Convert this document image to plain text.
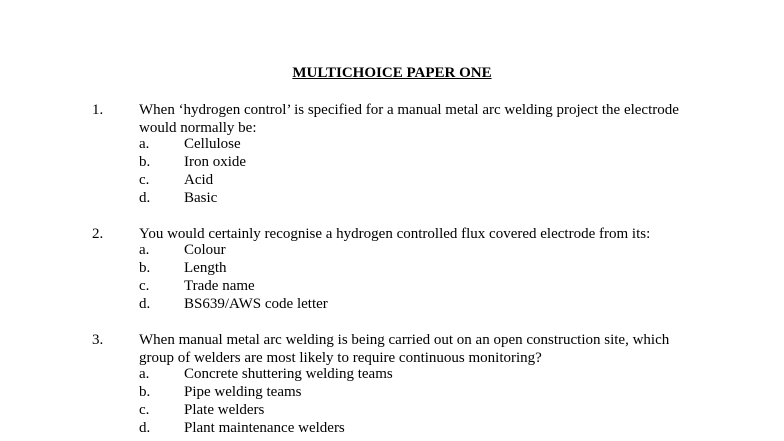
MULTICHOICE PAPER ONE
1. When ‘hydrogen control’ is specified for a manual metal arc welding project the electrode would normally be:
a. Cellulose
b. Iron oxide
c. Acid
d. Basic
2. You would certainly recognise a hydrogen controlled flux covered electrode from its:
a. Colour
b. Length
c. Trade name
d. BS639/AWS code letter
3. When manual metal arc welding is being carried out on an open construction site, which group of welders are most likely to require continuous monitoring?
a. Concrete shuttering welding teams
b. Pipe welding teams
c. Plate welders
d. Plant maintenance welders
